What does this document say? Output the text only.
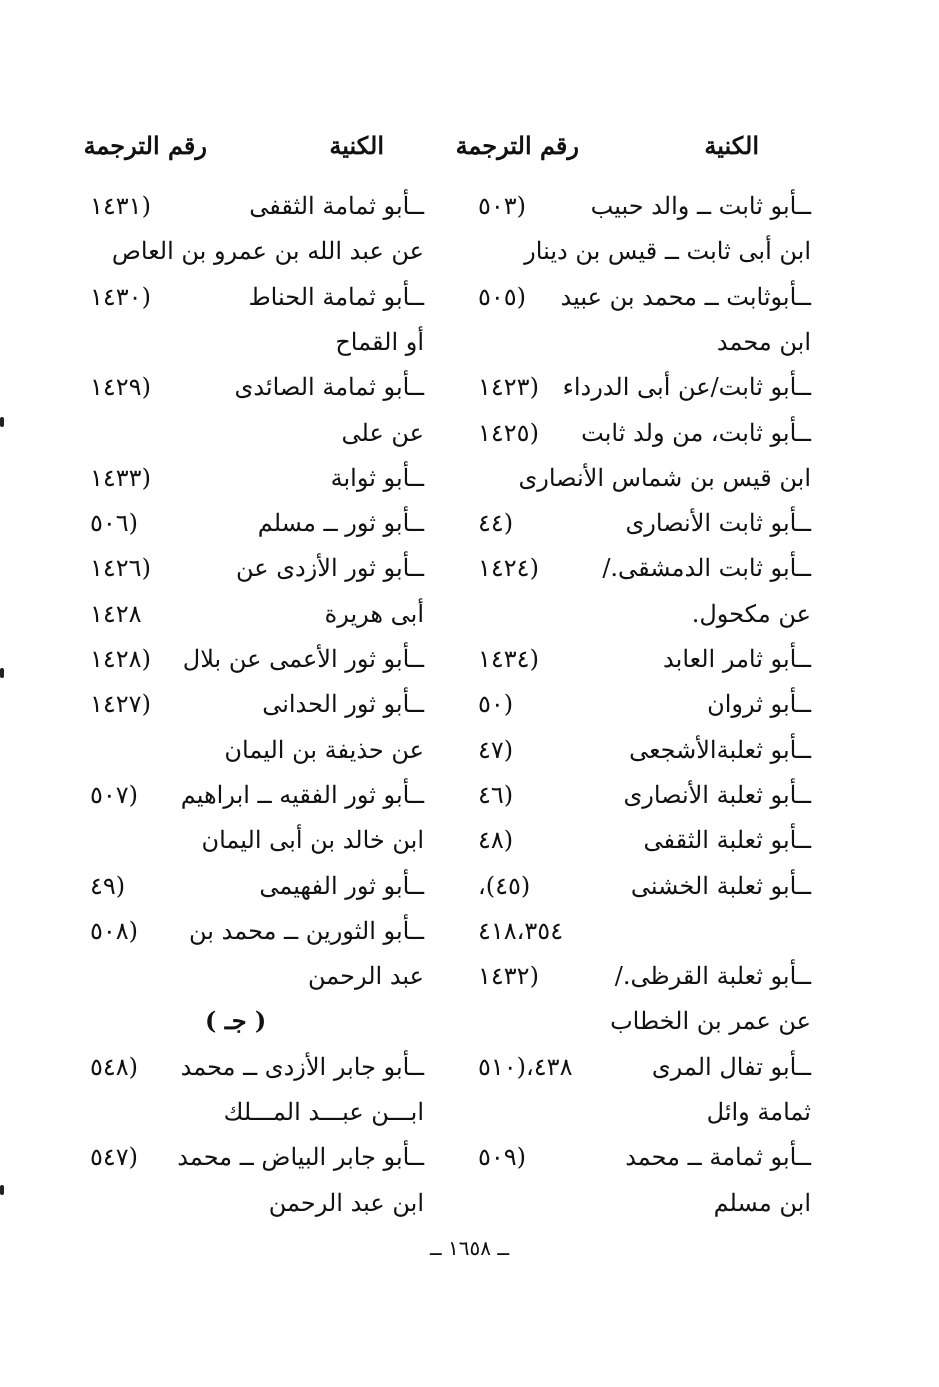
الكنية
رقم الترجمة
الكنية
رقم الترجمة
ــأبو ثابت ــ والد حبيب
(٥٠٣
ابن أبى ثابت ــ قيس بن دينار
ــأبوثابت ــ محمد بن عبيد
(٥٠٥
ابن محمد
ــأبو ثابت/عن أبى الدرداء
(١٤٢٣
ــأبو ثابت، من ولد ثابت
(١٤٢٥
ابن قيس بن شماس الأنصارى
ــأبو ثابت الأنصارى
(٤٤
ــأبو ثابت الدمشقى./
(١٤٢٤
عن مكحول.
ــأبو ثامر العابد
(١٤٣٤
ــأبو ثروان
(٥٠
ــأبو ثعلبةالأشجعى
(٤٧
ــأبو ثعلبة الأنصارى
(٤٦
ــأبو ثعلبة الثقفى
(٤٨
ــأبو ثعلبة الخشنى
(٤٥)،
٤١٨،٣٥٤
ــأبو ثعلبة القرظى./
(١٤٣٢
عن عمر بن الخطاب
ــأبو تفال المرى
٤٣٨،(٥١٠
ثمامة وائل
ــأبو ثمامة ــ محمد
(٥٠٩
ابن مسلم
ــأبو ثمامة الثقفى
(١٤٣١
عن عبد الله بن عمرو بن العاص
ــأبو ثمامة الحناط
(١٤٣٠
أو القماح
ــأبو ثمامة الصائدى
(١٤٢٩
عن على
ــأبو ثوابة
(١٤٣٣
ــأبو ثور ــ مسلم
(٥٠٦
ــأبو ثور الأزدى عن
(١٤٢٦
أبى هريرة
١٤٢٨
ــأبو ثور الأعمى عن بلال
(١٤٢٨
ــأبو ثور الحدانى
(١٤٢٧
عن حذيفة بن اليمان
ــأبو ثور الفقيه ــ ابراهيم
(٥٠٧
ابن خالد بن أبى اليمان
ــأبو ثور الفهيمى
(٤٩
ــأبو الثورين ــ محمد بن
(٥٠٨
عبد الرحمن
( جـ )
ــأبو جابر الأزدى ــ محمد
(٥٤٨
ابـــن عبـــد المـــلك
ــأبو جابر البياض ــ محمد
(٥٤٧
ابن عبد الرحمن
ــ ١٦٥٨ ــ
